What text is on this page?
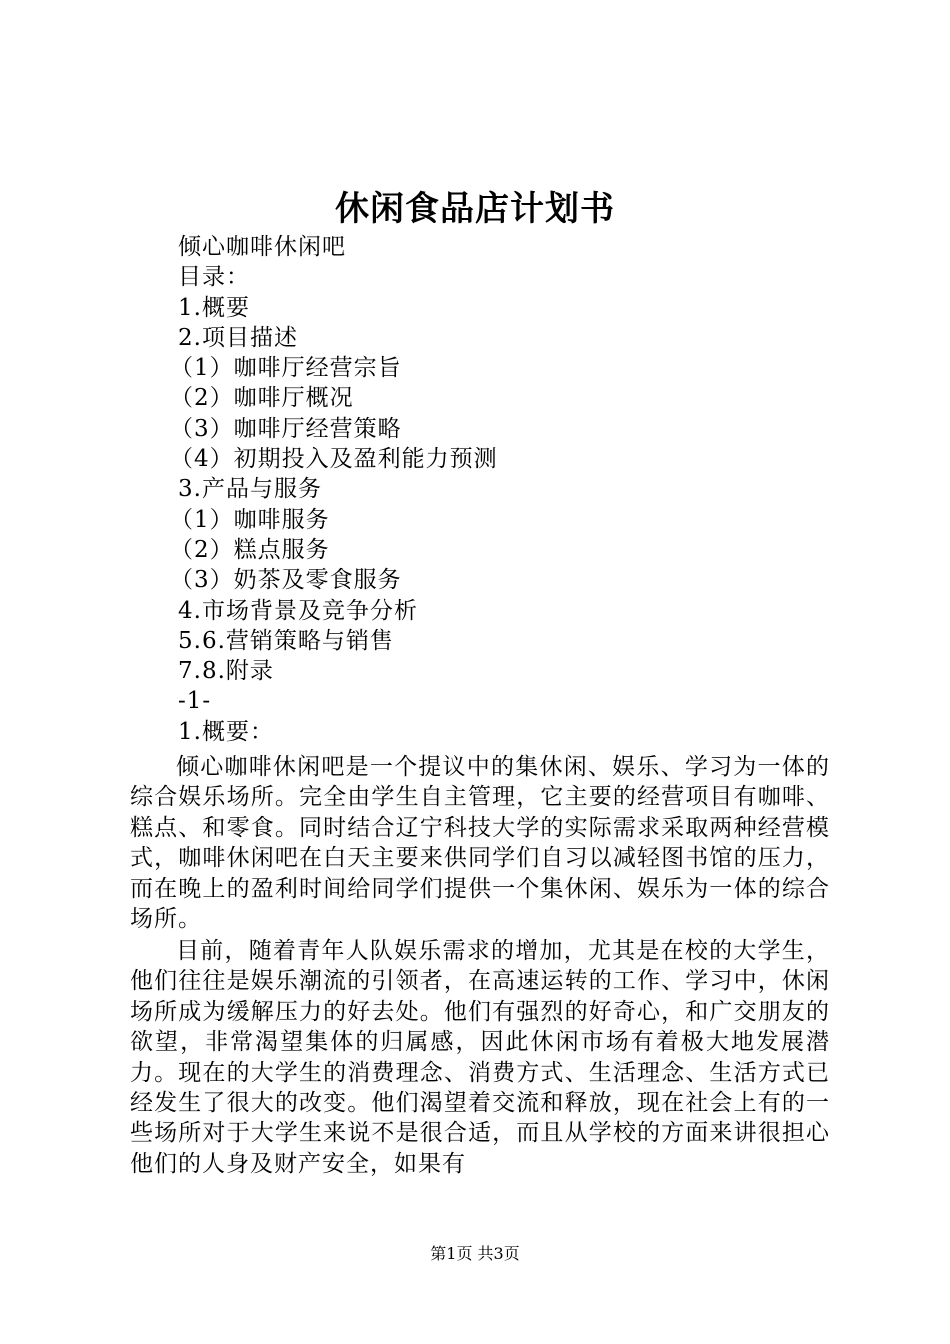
休闲食品店计划书
倾心咖啡休闲吧
目录：
1.概要
2.项目描述
（1）咖啡厅经营宗旨
（2）咖啡厅概况
（3）咖啡厅经营策略
（4）初期投入及盈利能力预测
3.产品与服务
（1）咖啡服务
（2）糕点服务
（3）奶茶及零食服务
4.市场背景及竞争分析
5.6.营销策略与销售
7.8.附录
-1-
1.概要：

倾心咖啡休闲吧是一个提议中的集休闲、娱乐、学习为一体的综合娱乐场所。完全由学生自主管理，它主要的经营项目有咖啡、糕点、和零食。同时结合辽宁科技大学的实际需求采取两种经营模式，咖啡休闲吧在白天主要来供同学们自习以减轻图书馆的压力，而在晚上的盈利时间给同学们提供一个集休闲、娱乐为一体的综合场所。

目前，随着青年人队娱乐需求的增加，尤其是在校的大学生，他们往往是娱乐潮流的引领者，在高速运转的工作、学习中，休闲场所成为缓解压力的好去处。他们有强烈的好奇心，和广交朋友的欲望，非常渴望集体的归属感，因此休闲市场有着极大地发展潜力。现在的大学生的消费理念、消费方式、生活理念、生活方式已经发生了很大的改变。他们渴望着交流和释放，现在社会上有的一些场所对于大学生来说不是很合适，而且从学校的方面来讲很担心他们的人身及财产安全，如果有

第1页 共3页
